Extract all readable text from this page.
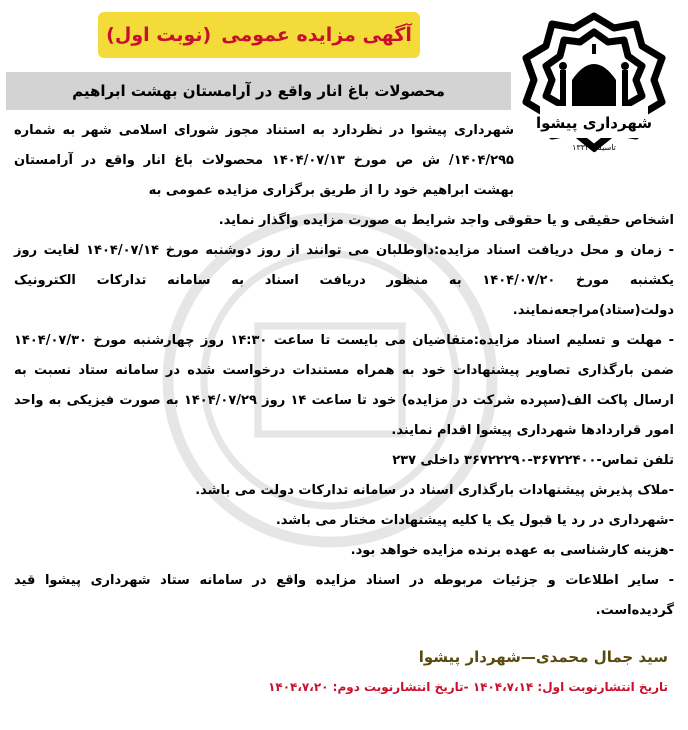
آگهی مزایده عمومی
(نوبت اول)
شهرداری پیشوا
تاسیس ۱۳۳۲
محصولات باغ انار واقع در آرامستان بهشت ابراهیم
شهرداری پیشوا در نظردارد به استناد مجوز شورای اسلامی شهر به شماره ۱۴۰۴/۲۹۵/ ش ص مورخ ۱۴۰۴/۰۷/۱۳ محصولات باغ انار واقع در آرامستان بهشت ابراهیم خود را از طریق برگزاری مزایده عمومی به

اشخاص حقیقی و یا حقوقی واجد شرایط به صورت مزایده واگذار نماید.

- زمان و محل دریافت اسناد مزایده:داوطلبان می توانند از روز دوشنبه مورخ ۱۴۰۴/۰۷/۱۴ لغایت روز یکشنبه مورخ ۱۴۰۴/۰۷/۲۰ به منظور دریافت اسناد به سامانه تدارکات الکترونیک دولت(ستاد)مراجعه‌نمایند.

- مهلت و تسلیم اسناد مزایده:متقاضیان می بایست تا ساعت ۱۴:۳۰ روز چهارشنبه مورخ ۱۴۰۴/۰۷/۳۰ ضمن بارگذاری تصاویر پیشنهادات خود به همراه مستندات درخواست شده در سامانه ستاد نسبت به ارسال پاکت الف(سپرده شرکت در مزایده) خود تا ساعت ۱۴ روز ۱۴۰۴/۰۷/۲۹ به صورت فیزیکی به واحد امور قراردادها شهرداری پیشوا اقدام نمایند.

تلفن تماس-۳۶۷۲۲۴۰۰-۳۶۷۲۲۲۹۰ داخلی ۲۳۷

-ملاک پذیرش پیشنهادات بارگذاری اسناد در سامانه تدارکات دولت می باشد.

-شهرداری در رد یا قبول یک یا کلیه پیشنهادات مختار می باشد.

-هزینه کارشناسی به عهده برنده مزایده خواهد بود.

- سایر اطلاعات و جزئیات مربوطه در اسناد مزایده واقع در سامانه ستاد شهرداری پیشوا قید گردیده‌است.

سید جمال محمدی—شهردار پیشوا
تاریخ انتشارنوبت اول: ۱۴۰۴،۷،۱۴ -تاریخ انتشارنوبت دوم: ۱۴۰۴،۷،۲۰
